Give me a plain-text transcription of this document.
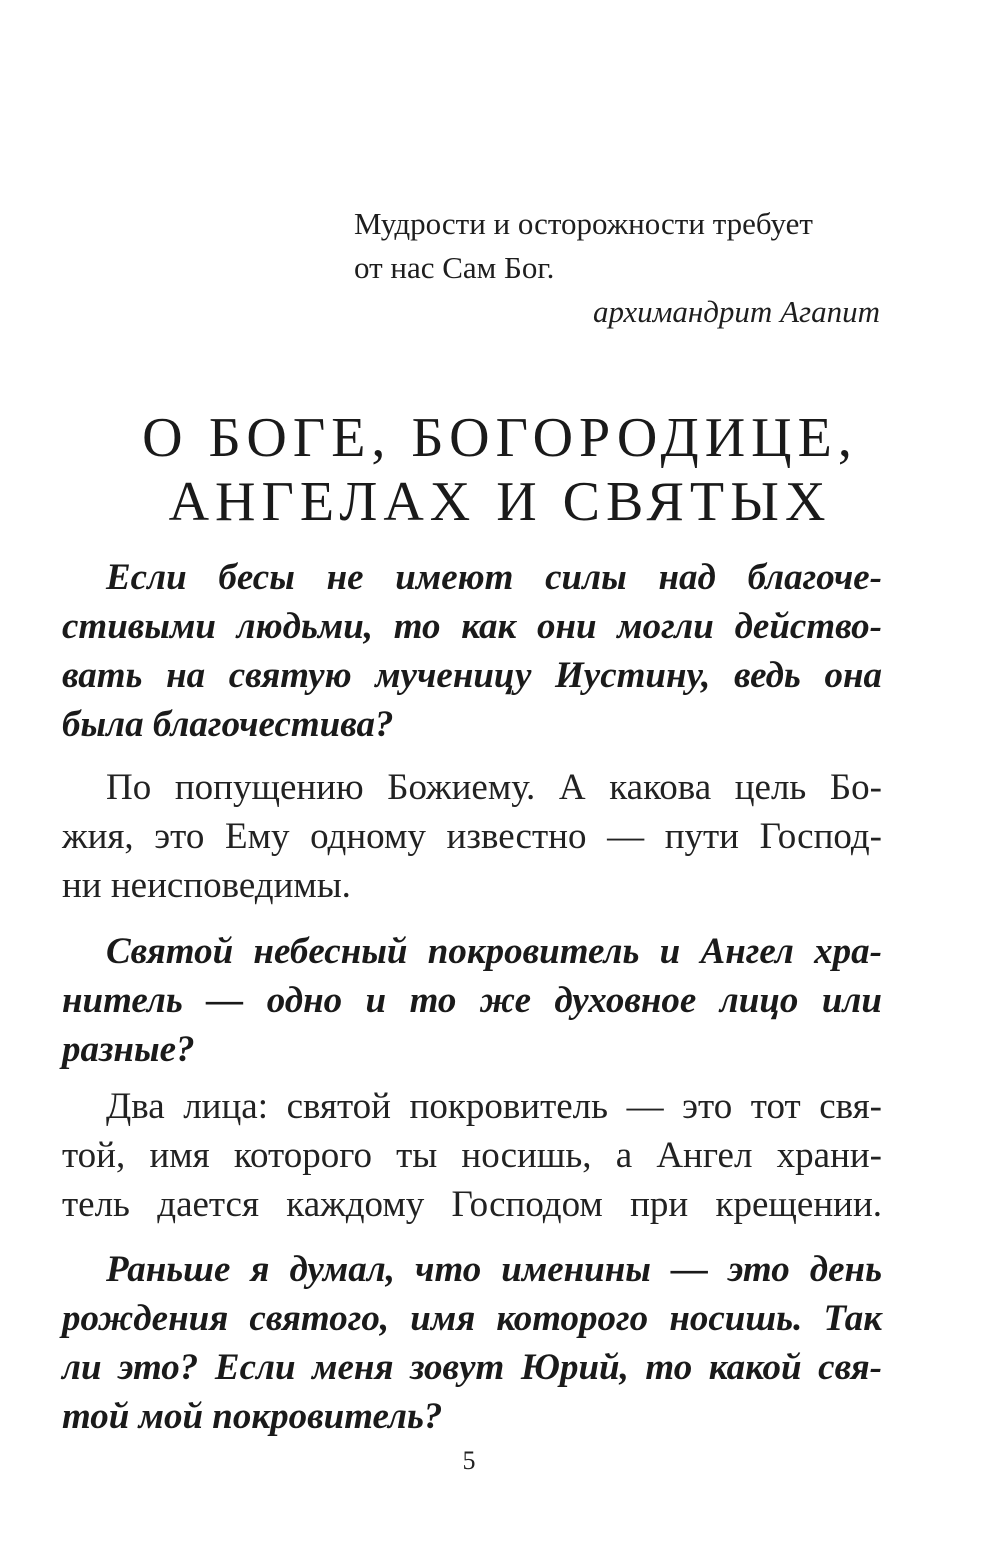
Мудрости и осторожности требует
от нас Сам Бог.
архимандрит Агапит
О БОГЕ, БОГОРОДИЦЕ,
АНГЕЛАХ И СВЯТЫХ
Если бесы не имеют силы над благоче-
стивыми людьми, то как они могли действо-
вать на святую мученицу Иустину, ведь она
была благочестива?
По попущению Божиему. А какова цель Бо-
жия, это Ему одному известно — пути Господ-
ни неисповедимы.
Святой небесный покровитель и Ангел хра-
нитель — одно и то же духовное лицо или
разные?
Два лица: святой покровитель — это тот свя-
той, имя которого ты носишь, а Ангел храни-
тель дается каждому Господом при крещении.
Раньше я думал, что именины — это день
рождения святого, имя которого носишь. Так
ли это? Если меня зовут Юрий, то какой свя-
той мой покровитель?
5
